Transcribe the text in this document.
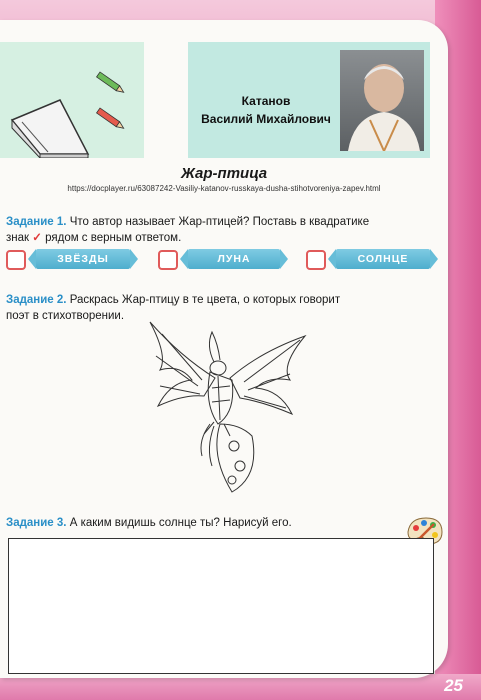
Катанов
Василий Михайлович
Жар-птица
https://docplayer.ru/63087242-Vasiliy-katanov-russkaya-dusha-stihotvoreniya-zapev.html
Задание 1. Что автор называет Жар-птицей? Поставь в квадратике
знак ✓ рядом с верным ответом.
ЗВЁЗДЫ	ЛУНА	СОЛНЦЕ
Задание 2. Раскрась Жар-птицу в те цвета, о которых говорит
поэт в стихотворении.
Задание 3. А каким видишь солнце ты? Нарисуй его.
25
